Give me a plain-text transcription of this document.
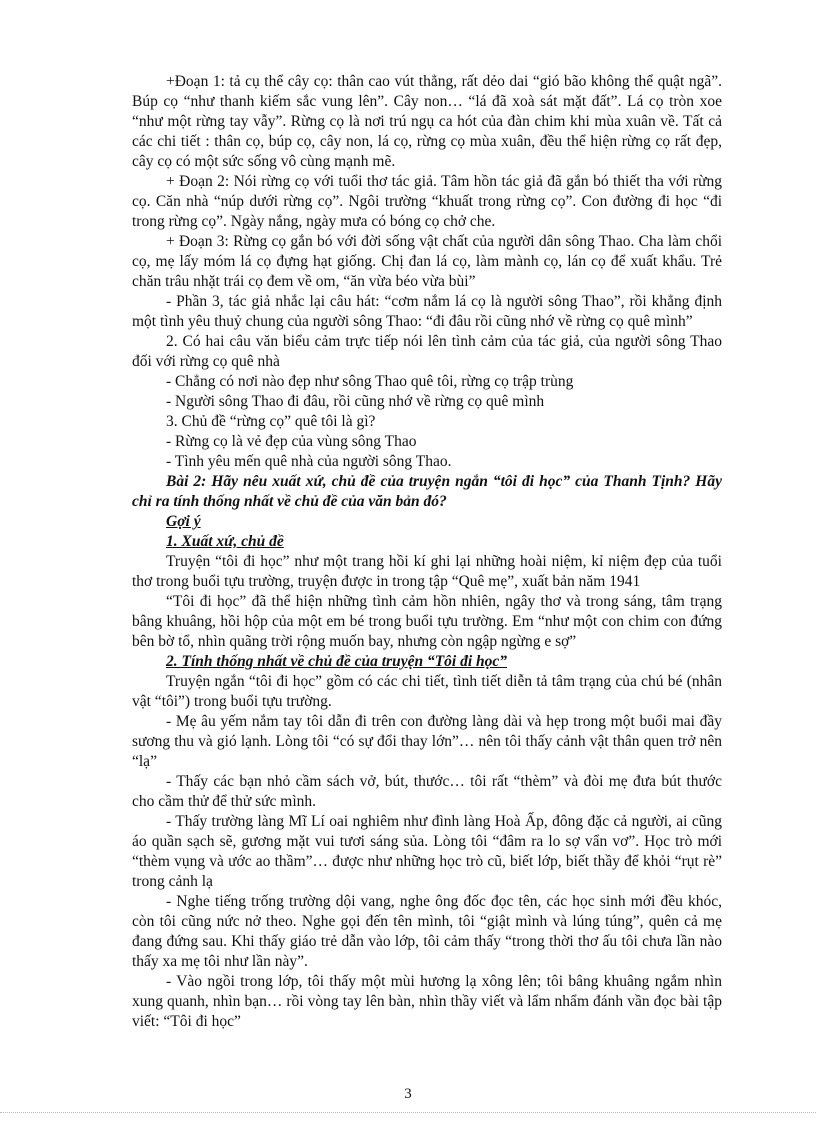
+Đoạn 1: tả cụ thể cây cọ: thân cao vút thẳng, rất dẻo dai “gió bão không thể quật ngã”. Búp cọ “như thanh kiếm sắc vung lên”. Cây non… “lá đã xoà sát mặt đất”. Lá cọ tròn xoe “như một rừng tay vẫy”. Rừng cọ là nơi trú ngụ ca hót của đàn chim khi mùa xuân về. Tất cả các chi tiết : thân cọ, búp cọ, cây non, lá cọ, rừng cọ mùa xuân, đều thể hiện rừng cọ rất đẹp, cây cọ có một sức sống vô cùng mạnh mẽ.

+ Đoạn 2: Nói rừng cọ với tuổi thơ tác giả. Tâm hồn tác giả đã gắn bó thiết tha với rừng cọ. Căn nhà “núp dưới rừng cọ”. Ngôi trường “khuất trong rừng cọ”. Con đường đi học “đi trong rừng cọ”. Ngày nắng, ngày mưa có bóng cọ chở che.

+ Đoạn 3: Rừng cọ gắn bó với đời sống vật chất của người dân sông Thao. Cha làm chổi cọ, mẹ lấy móm lá cọ đựng hạt giống. Chị đan lá cọ, làm mành cọ, lán cọ để xuất khẩu. Trẻ chăn trâu nhặt trái cọ đem về om, “ăn vừa béo vừa bùi”

- Phần 3, tác giả nhắc lại câu hát: “cơm nắm lá cọ là người sông Thao”, rồi khẳng định một tình yêu thuỷ chung của người sông Thao: “đi đâu rồi cũng nhớ về rừng cọ quê mình”

2. Có hai câu văn biểu cảm trực tiếp nói lên tình cảm của tác giả, của người sông Thao đối với rừng cọ quê nhà

- Chẳng có nơi nào đẹp như sông Thao quê tôi, rừng cọ trập trùng

- Người sông Thao đi đâu, rồi cũng nhớ về rừng cọ quê mình

3. Chủ đề “rừng cọ” quê tôi là gì?

- Rừng cọ là vẻ đẹp của vùng sông Thao

- Tình yêu mến quê nhà của người sông Thao.

Bài 2: Hãy nêu xuất xứ, chủ đề của truyện ngắn “tôi đi học” của Thanh Tịnh? Hãy chỉ ra tính thống nhất về chủ đề của văn bản đó?

Gợi ý

1. Xuất xứ, chủ đề

Truyện “tôi đi học” như một trang hồi kí ghi lại những hoài niệm, kỉ niệm đẹp của tuổi thơ trong buổi tựu trường, truyện được in trong tập “Quê mẹ”, xuất bản năm 1941

“Tôi đi học” đã thể hiện những tình cảm hồn nhiên, ngây thơ và trong sáng, tâm trạng bâng khuâng, hồi hộp của một em bé trong buổi tựu trường. Em “như một con chim con đứng bên bờ tổ, nhìn quãng trời rộng muốn bay, nhưng còn ngập ngừng e sợ”

2. Tính thống nhất về chủ đề của truyện “Tôi đi học”

Truyện ngắn “tôi đi học” gồm có các chi tiết, tình tiết diễn tả tâm trạng của chú bé (nhân vật “tôi”) trong buổi tựu trường.

- Mẹ âu yếm nắm tay tôi dẫn đi trên con đường làng dài và hẹp trong một buổi mai đầy sương thu và gió lạnh. Lòng tôi “có sự đổi thay lớn”… nên tôi thấy cảnh vật thân quen trở nên “lạ”

- Thấy các bạn nhỏ cầm sách vở, bút, thước… tôi rất “thèm” và đòi mẹ đưa bút thước cho cầm thử để thử sức mình.

- Thấy trường làng Mĩ Lí oai nghiêm như đình làng Hoà Ấp, đông đặc cả người, ai cũng áo quần sạch sẽ, gương mặt vui tươi sáng sủa. Lòng tôi “đâm ra lo sợ vẩn vơ”. Học trò mới “thèm vụng và ước ao thầm”… được như những học trò cũ, biết lớp, biết thầy để khỏi “rụt rè” trong cảnh lạ

- Nghe tiếng trống trường dội vang, nghe ông đốc đọc tên, các học sinh mới đều khóc, còn tôi cũng nức nở theo. Nghe gọi đến tên mình, tôi “giật mình và lúng túng”, quên cả mẹ đang đứng sau. Khi thấy giáo trẻ dẫn vào lớp, tôi cảm thấy “trong thời thơ ấu tôi chưa lần nào thấy xa mẹ tôi như lần này”.

- Vào ngồi trong lớp, tôi thấy một mùi hương lạ xông lên; tôi bâng khuâng ngắm nhìn xung quanh, nhìn bạn… rồi vòng tay lên bàn, nhìn thầy viết và lẩm nhẩm đánh vần đọc bài tập viết: “Tôi đi học”

3
